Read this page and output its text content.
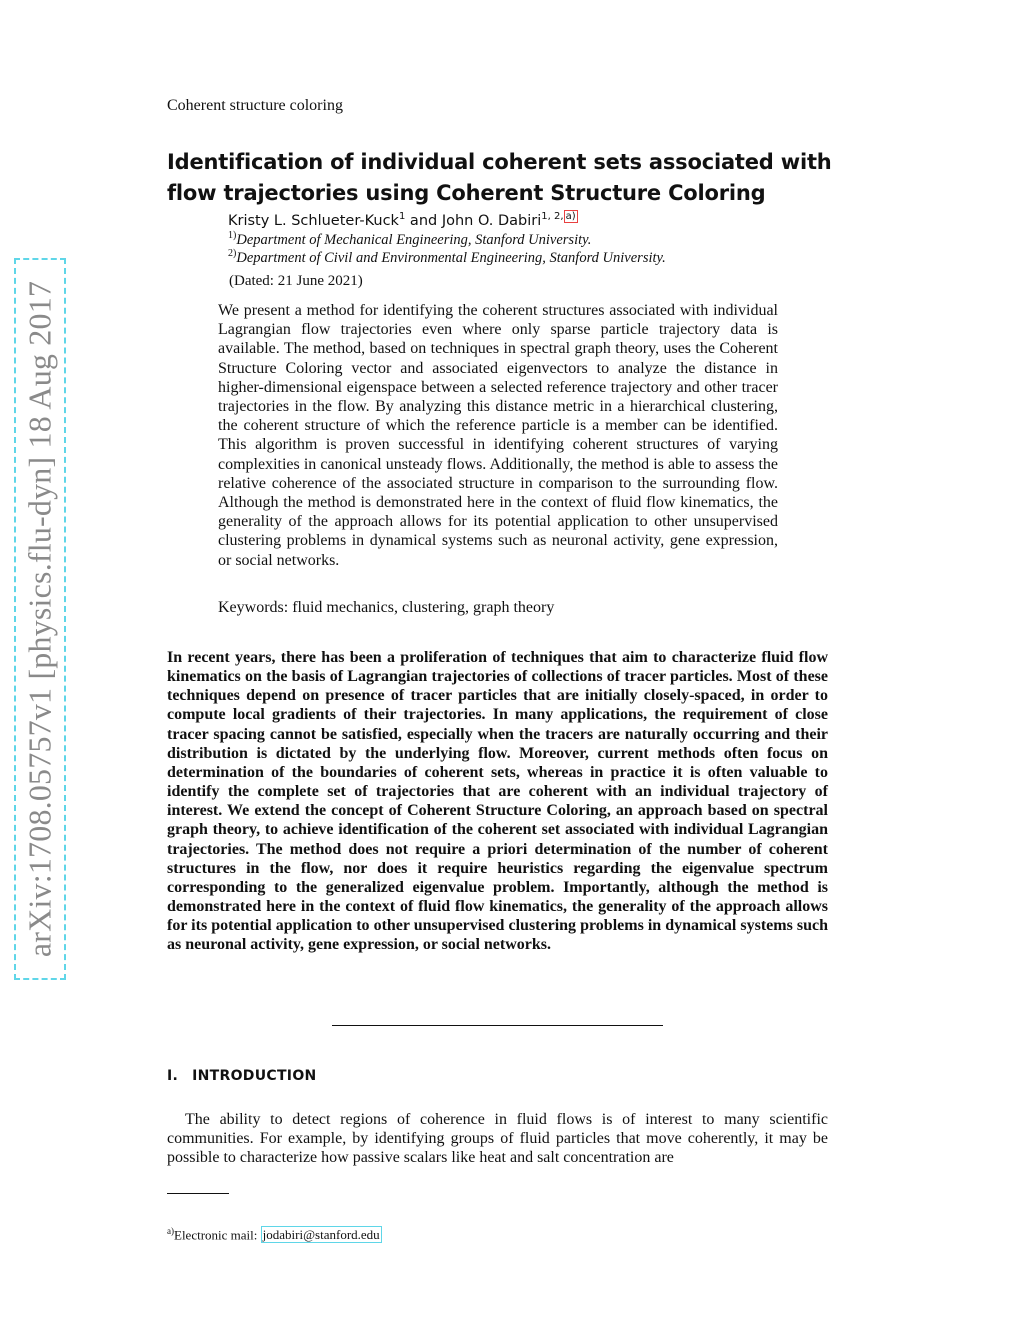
arXiv:1708.05757v1 [physics.flu-dyn] 18 Aug 2017
Coherent structure coloring
Identification of individual coherent sets associated with
flow trajectories using Coherent Structure Coloring
Kristy L. Schlueter-Kuck$^1$ and John O. Dabiri$^{1, 2,}$ $^{a)}$
$^{1)}$Department of Mechanical Engineering, Stanford University.
$^{2)}$Department of Civil and Environmental Engineering, Stanford University.
(Dated: 21 June 2021)
We present a method for identifying the coherent structures associated with individual Lagrangian flow trajectories even where only sparse particle trajectory data is available. The method, based on techniques in spectral graph theory, uses the Coherent Structure Coloring vector and associated eigenvectors to analyze the distance in higher-dimensional eigenspace between a selected reference trajectory and other tracer trajectories in the flow. By analyzing this distance metric in a hierarchical clustering, the coherent structure of which the reference particle is a member can be identified. This algorithm is proven successful in identifying coherent structures of varying complexities in canonical unsteady flows. Additionally, the method is able to assess the relative coherence of the associated structure in comparison to the surrounding flow. Although the method is demonstrated here in the context of fluid flow kinematics, the generality of the approach allows for its potential application to other unsupervised clustering problems in dynamical systems such as neuronal activity, gene expression, or social networks.
Keywords: fluid mechanics, clustering, graph theory
In recent years, there has been a proliferation of techniques that aim to characterize fluid flow kinematics on the basis of Lagrangian trajectories of collections of tracer particles. Most of these techniques depend on presence of tracer particles that are initially closely-spaced, in order to compute local gradients of their trajectories. In many applications, the requirement of close tracer spacing cannot be satisfied, especially when the tracers are naturally occurring and their distribution is dictated by the underlying flow. Moreover, current methods often focus on determination of the boundaries of coherent sets, whereas in practice it is often valuable to identify the complete set of trajectories that are coherent with an individual trajectory of interest. We extend the concept of Coherent Structure Coloring, an approach based on spectral graph theory, to achieve identification of the coherent set associated with individual Lagrangian trajectories. The method does not require a priori determination of the number of coherent structures in the flow, nor does it require heuristics regarding the eigenvalue spectrum corresponding to the generalized eigenvalue problem. Importantly, although the method is demonstrated here in the context of fluid flow kinematics, the generality of the approach allows for its potential application to other unsupervised clustering problems in dynamical systems such as neuronal activity, gene expression, or social networks.
I. INTRODUCTION
The ability to detect regions of coherence in fluid flows is of interest to many scientific communities. For example, by identifying groups of fluid particles that move coherently, it may be possible to characterize how passive scalars like heat and salt concentration are
$^{a)}$Electronic mail: jodabiri@stanford.edu
